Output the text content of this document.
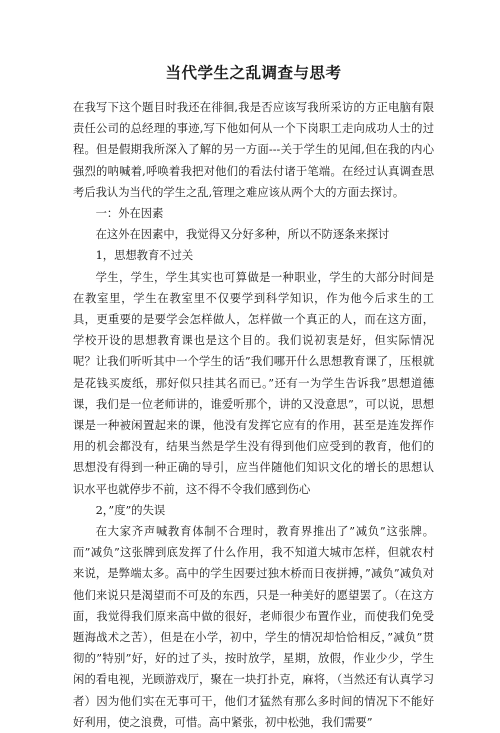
当代学生之乱调查与思考

在我写下这个题目时我还在徘徊,我是否应该写我所采访的方正电脑有限责任公司的总经理的事迹,写下他如何从一个下岗职工走向成功人士的过程。但是假期我所深入了解的另一方面---关于学生的见闻,但在我的内心强烈的呐喊着,呼唤着我把对他们的看法付诸于笔端。在经过认真调查思考后我认为当代的学生之乱,管理之难应该从两个大的方面去探讨。

一：外在因素

在这外在因素中，我觉得又分好多种，所以不防逐条来探讨

1，思想教育不过关

学生，学生，学生其实也可算做是一种职业，学生的大部分时间是在教室里，学生在教室里不仅要学到科学知识，作为他今后求生的工具，更重要的是要学会怎样做人，怎样做一个真正的人，而在这方面，学校开设的思想教育课也是这个目的。我们说初衷是好，但实际情况呢？让我们听听其中一个学生的话”我们哪开什么思想教育课了，压根就是花钱买废纸，那好似只挂其名而已。”还有一为学生告诉我”思想道德课，我们是一位老师讲的，谁爱听那个，讲的又没意思”，可以说，思想课是一种被闲置起来的课，他没有发挥它应有的作用，甚至是连发挥作用的机会都没有，结果当然是学生没有得到他们应受到的教育，他们的思想没有得到一种正确的导引，应当伴随他们知识文化的增长的思想认识水平也就停步不前，这不得不令我们感到伤心

2，”度”的失误

在大家齐声喊教育体制不合理时，教育界推出了”减负”这张牌。而”减负”这张牌到底发挥了什么作用，我不知道大城市怎样，但就农村来说，是弊端太多。高中的学生因要过独木桥而日夜拼搏，”减负”减负对他们来说只是渴望而不可及的东西，只是一种美好的愿望罢了。（在这方面，我觉得我们原来高中做的很好，老师很少布置作业，而使我们免受题海战术之苦），但是在小学，初中，学生的情况却恰恰相反，”减负”贯彻的”特别”好，好的过了头，按时放学，星期，放假，作业少少，学生闲的看电视，光顾游戏厅，聚在一块打扑克，麻将，（当然还有认真学习者）因为他们实在无事可干，他们才猛然有那么多时间的情况下不能好好利用，使之浪费，可惜。高中紧张，初中松弛，我们需要”
